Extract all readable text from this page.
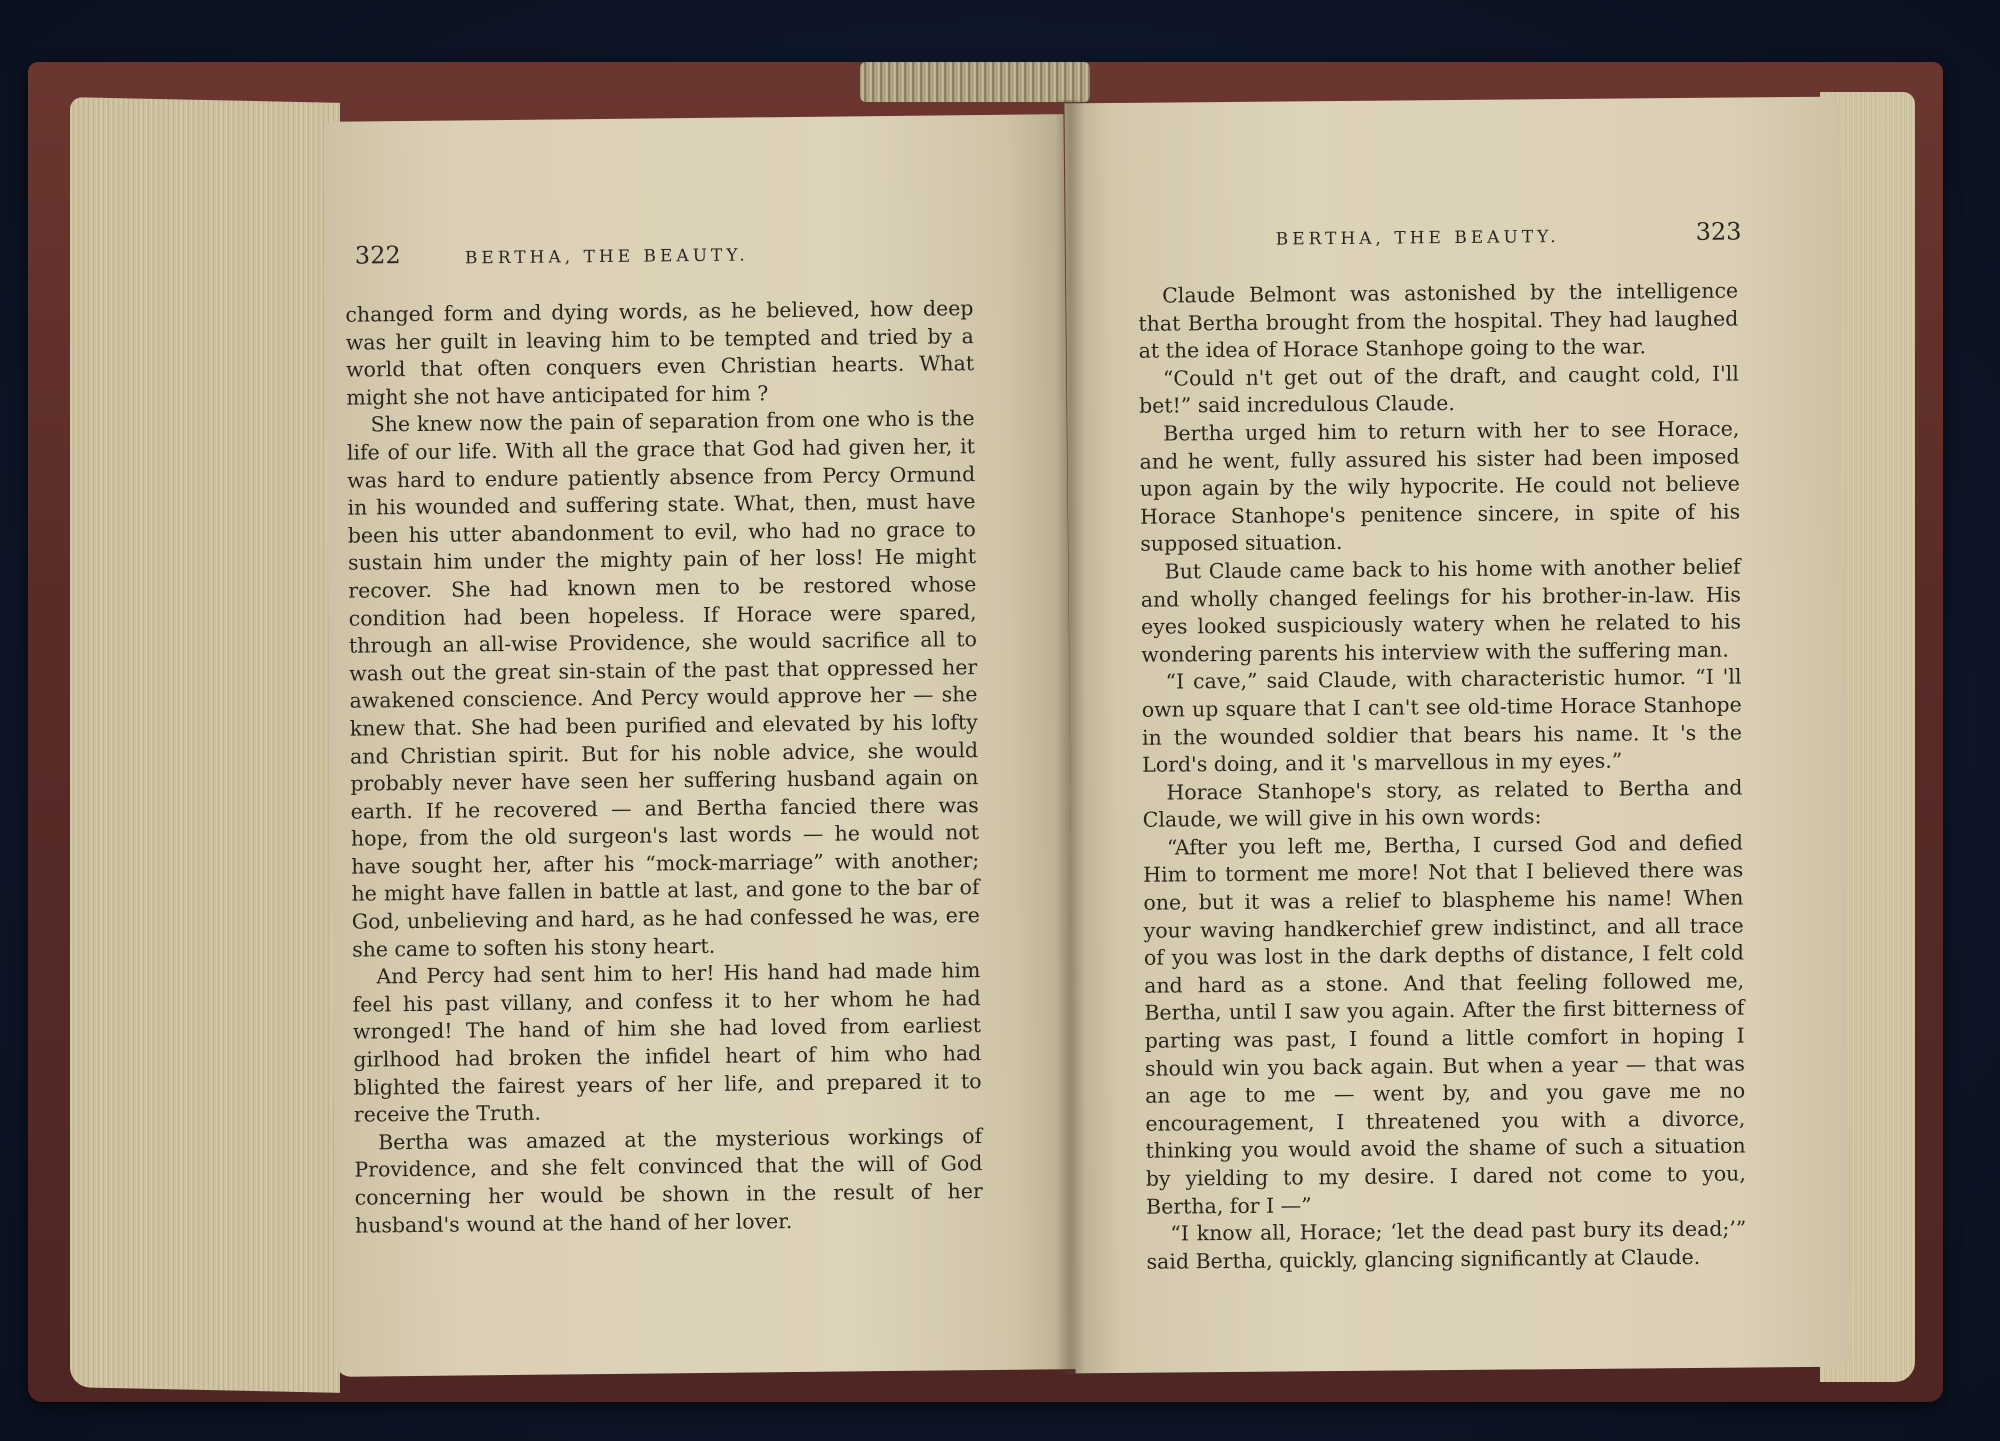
322	BERTHA, THE BEAUTY.

changed form and dying words, as he believed, how deep was her guilt in leaving him to be tempted and tried by a world that often conquers even Christian hearts. What might she not have anticipated for him ?

She knew now the pain of separation from one who is the life of our life. With all the grace that God had given her, it was hard to endure patiently absence from Percy Ormund in his wounded and suffering state. What, then, must have been his utter abandonment to evil, who had no grace to sustain him under the mighty pain of her loss! He might recover. She had known men to be restored whose condition had been hopeless. If Horace were spared, through an all-wise Providence, she would sacrifice all to wash out the great sin-stain of the past that oppressed her awakened conscience. And Percy would approve her — she knew that. She had been purified and elevated by his lofty and Christian spirit. But for his noble advice, she would probably never have seen her suffering husband again on earth. If he recovered — and Bertha fancied there was hope, from the old surgeon's last words — he would not have sought her, after his “mock-marriage” with another; he might have fallen in battle at last, and gone to the bar of God, unbelieving and hard, as he had confessed he was, ere she came to soften his stony heart.

And Percy had sent him to her! His hand had made him feel his past villany, and confess it to her whom he had wronged! The hand of him she had loved from earliest girlhood had broken the infidel heart of him who had blighted the fairest years of her life, and prepared it to receive the Truth.

Bertha was amazed at the mysterious workings of Providence, and she felt convinced that the will of God concerning her would be shown in the result of her husband's wound at the hand of her lover.

BERTHA, THE BEAUTY.	323

Claude Belmont was astonished by the intelligence that Bertha brought from the hospital. They had laughed at the idea of Horace Stanhope going to the war.

“Could n't get out of the draft, and caught cold, I'll bet!” said incredulous Claude.

Bertha urged him to return with her to see Horace, and he went, fully assured his sister had been imposed upon again by the wily hypocrite. He could not believe Horace Stanhope's penitence sincere, in spite of his supposed situation.

But Claude came back to his home with another belief and wholly changed feelings for his brother-in-law. His eyes looked suspiciously watery when he related to his wondering parents his interview with the suffering man.

“I cave,” said Claude, with characteristic humor. “I 'll own up square that I can't see old-time Horace Stanhope in the wounded soldier that bears his name. It 's the Lord's doing, and it 's marvellous in my eyes.”

Horace Stanhope's story, as related to Bertha and Claude, we will give in his own words:

“After you left me, Bertha, I cursed God and defied Him to torment me more! Not that I believed there was one, but it was a relief to blaspheme his name! When your waving handkerchief grew indistinct, and all trace of you was lost in the dark depths of distance, I felt cold and hard as a stone. And that feeling followed me, Bertha, until I saw you again. After the first bitterness of parting was past, I found a little comfort in hoping I should win you back again. But when a year — that was an age to me — went by, and you gave me no encouragement, I threatened you with a divorce, thinking you would avoid the shame of such a situation by yielding to my desire. I dared not come to you, Bertha, for I —”

“I know all, Horace; ‘let the dead past bury its dead;’” said Bertha, quickly, glancing significantly at Claude.
